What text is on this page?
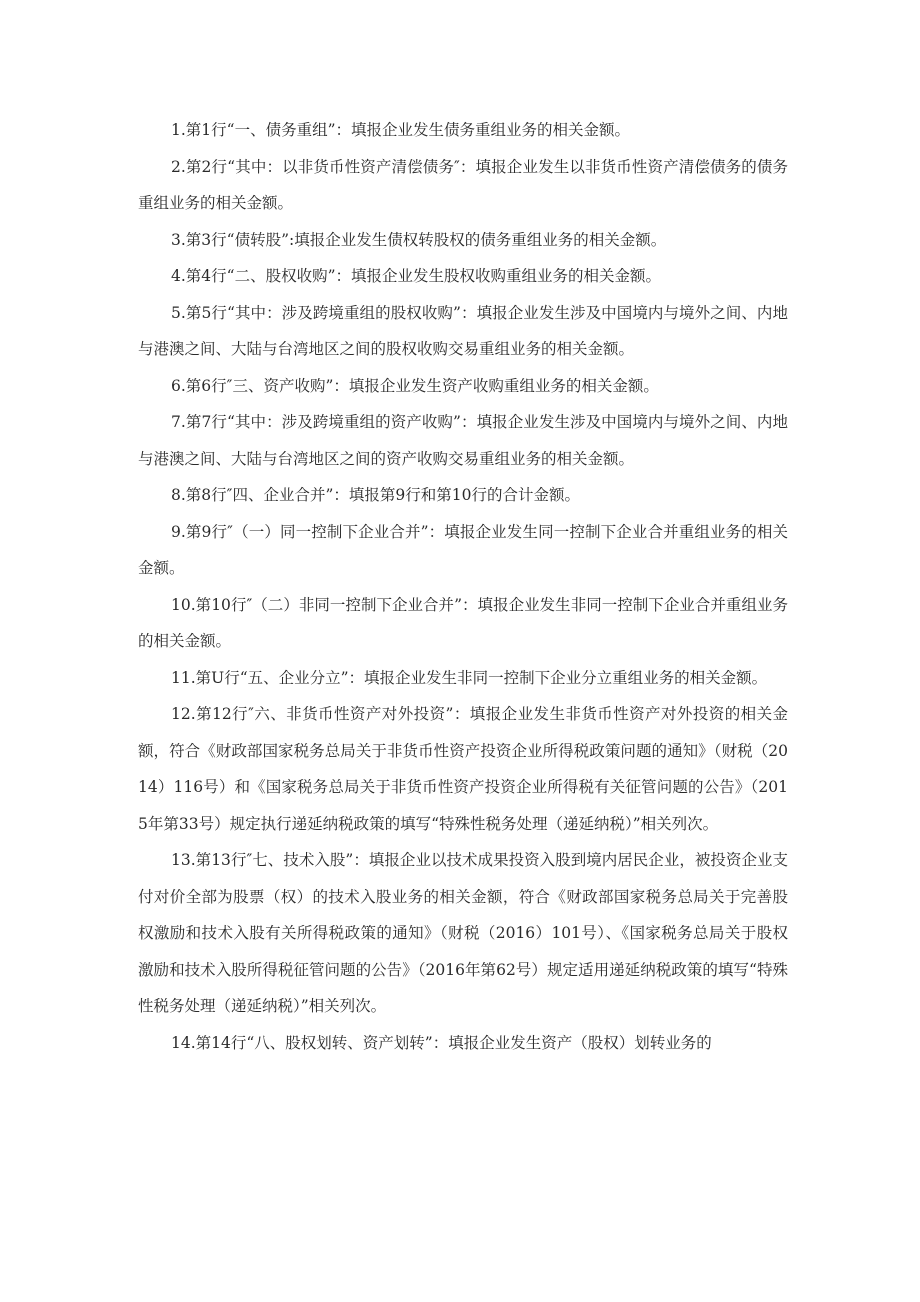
1.第1行“一、债务重组”：填报企业发生债务重组业务的相关金额。

2.第2行“其中：以非货币性资产清偿债务″：填报企业发生以非货币性资产清偿债务的债务重组业务的相关金额。

3.第3行“债转股”:填报企业发生债权转股权的债务重组业务的相关金额。

4.第4行“二、股权收购”：填报企业发生股权收购重组业务的相关金额。

5.第5行“其中：涉及跨境重组的股权收购”：填报企业发生涉及中国境内与境外之间、内地与港澳之间、大陆与台湾地区之间的股权收购交易重组业务的相关金额。

6.第6行″三、资产收购”：填报企业发生资产收购重组业务的相关金额。

7.第7行“其中：涉及跨境重组的资产收购”：填报企业发生涉及中国境内与境外之间、内地与港澳之间、大陆与台湾地区之间的资产收购交易重组业务的相关金额。

8.第8行″四、企业合并”：填报第9行和第10行的合计金额。

9.第9行″（一）同一控制下企业合并”：填报企业发生同一控制下企业合并重组业务的相关金额。

10.第10行″（二）非同一控制下企业合并”：填报企业发生非同一控制下企业合并重组业务的相关金额。

11.第U行“五、企业分立”：填报企业发生非同一控制下企业分立重组业务的相关金额。

12.第12行″六、非货币性资产对外投资”：填报企业发生非货币性资产对外投资的相关金额，符合《财政部国家税务总局关于非货币性资产投资企业所得税政策问题的通知》（财税（2014）116号）和《国家税务总局关于非货币性资产投资企业所得税有关征管问题的公告》（2015年第33号）规定执行递延纳税政策的填写“特殊性税务处理（递延纳税）”相关列次。

13.第13行″七、技术入股”：填报企业以技术成果投资入股到境内居民企业，被投资企业支付对价全部为股票（权）的技术入股业务的相关金额，符合《财政部国家税务总局关于完善股权激励和技术入股有关所得税政策的通知》（财税（2016）101号）、《国家税务总局关于股权激励和技术入股所得税征管问题的公告》（2016年第62号）规定适用递延纳税政策的填写“特殊性税务处理（递延纳税）”相关列次。

14.第14行“八、股权划转、资产划转”：填报企业发生资产（股权）划转业务的
